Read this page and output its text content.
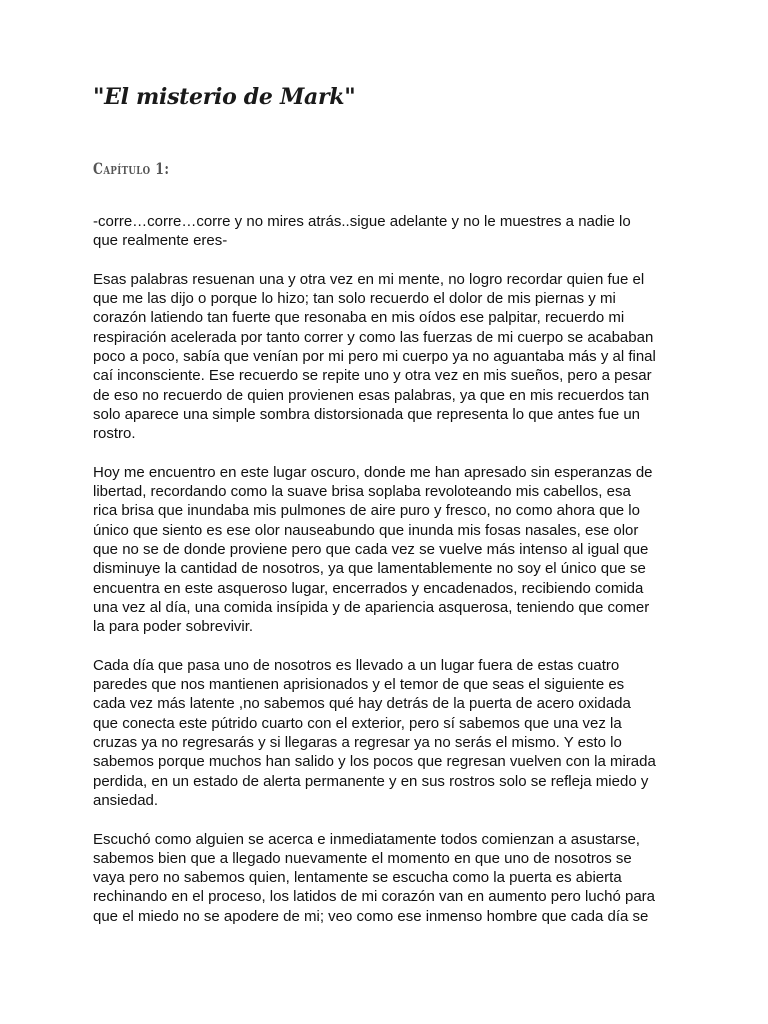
"El misterio de Mark"
Capítulo 1:

-corre…corre…corre y no mires atrás..sigue adelante y no le muestres a nadie lo
que realmente eres-

Esas palabras resuenan una y otra vez en mi mente, no logro recordar quien fue el
que me las dijo o porque lo hizo; tan solo recuerdo el dolor de mis piernas y mi
corazón latiendo tan fuerte que resonaba en mis oídos ese palpitar, recuerdo mi
respiración acelerada por tanto correr y como las fuerzas de mi cuerpo se acababan
poco a poco, sabía que venían por mi pero mi cuerpo ya no aguantaba más y al final
caí inconsciente. Ese recuerdo se repite uno y otra vez en mis sueños, pero a pesar
de eso no recuerdo de quien provienen esas palabras, ya que en mis recuerdos tan
solo aparece una simple sombra distorsionada que representa lo que antes fue un
rostro.

Hoy me encuentro en este lugar oscuro, donde me han apresado sin esperanzas de
libertad, recordando como la suave brisa soplaba revoloteando mis cabellos, esa
rica brisa que inundaba mis pulmones de aire puro y fresco, no como ahora que lo
único que siento es ese olor nauseabundo que inunda mis fosas nasales, ese olor
que no se de donde proviene pero que cada vez se vuelve más intenso al igual que
disminuye la cantidad de nosotros, ya que lamentablemente no soy el único que se
encuentra en este asqueroso lugar, encerrados y encadenados, recibiendo comida
una vez al día, una comida insípida y de apariencia asquerosa, teniendo que comer
la para poder sobrevivir.

Cada día que pasa uno de nosotros es llevado a un lugar fuera de estas cuatro
paredes que nos mantienen aprisionados y el temor de que seas el siguiente es
cada vez más latente ,no sabemos qué hay detrás de la puerta de acero oxidada
que conecta este pútrido cuarto con el exterior, pero sí sabemos que una vez la
cruzas ya no regresarás y si llegaras a regresar ya no serás el mismo. Y esto lo
sabemos porque muchos han salido y los pocos que regresan vuelven con la mirada
perdida, en un estado de alerta permanente y en sus rostros solo se refleja miedo y
ansiedad.

Escuchó como alguien se acerca e inmediatamente todos comienzan a asustarse,
sabemos bien que a llegado nuevamente el momento en que uno de nosotros se
vaya pero no sabemos quien, lentamente se escucha como la puerta es abierta
rechinando en el proceso, los latidos de mi corazón van en aumento pero luchó para
que el miedo no se apodere de mi; veo como ese inmenso hombre que cada día se
